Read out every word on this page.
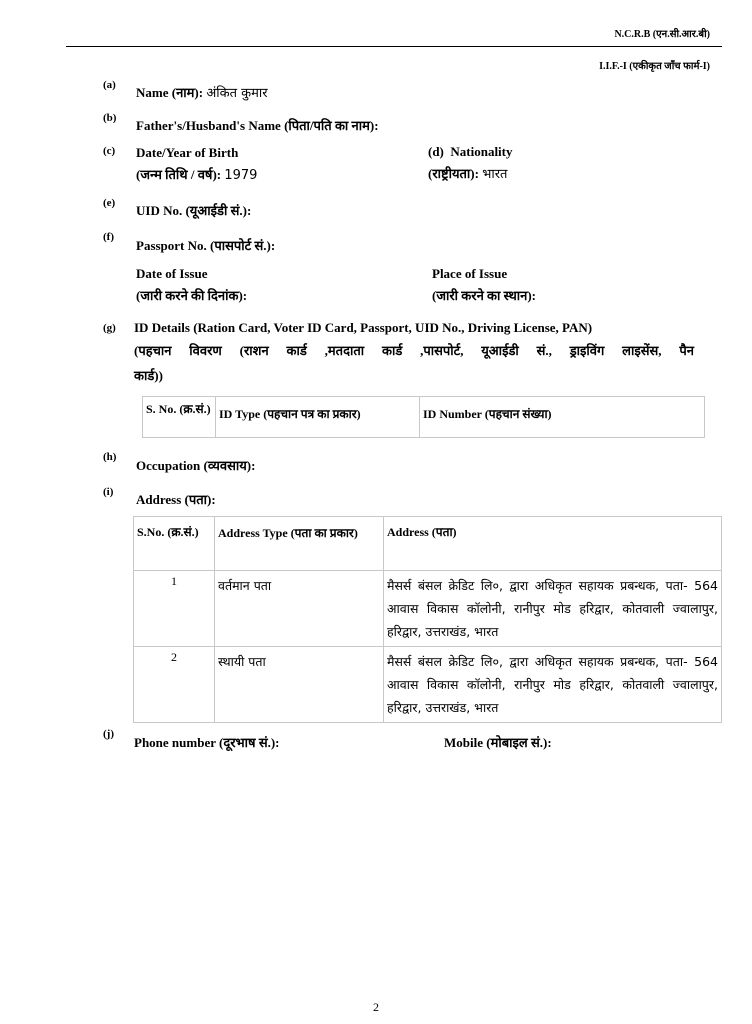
N.C.R.B (एन.सी.आर.बी)
I.I.F.-I (एकीकृत जाँच फार्म-I)
(a) Name (नाम): अंकित कुमार
(b) Father's/Husband's Name (पिता/पति का नाम):
(c) Date/Year of Birth
(जन्म तिथि / वर्ष): 1979
(d) Nationality
(राष्ट्रीयता): भारत
(e) UID No. (यूआईडी सं.):
(f)
Passport No. (पासपोर्ट सं.):
Date of Issue
(जारी करने की दिनांक):
Place of Issue
(जारी करने का स्थान):
(g) ID Details (Ration Card, Voter ID Card, Passport, UID No., Driving License, PAN)
(पहचान विवरण (राशन कार्ड ,मतदाता कार्ड ,पासपोर्ट, यूआईडी सं., ड्राइविंग लाइसेंस, पैन
कार्ड))
S. No. (क्र.सं.)	ID Type (पहचान पत्र का प्रकार)	ID Number (पहचान संख्या)
(h)
Occupation (व्यवसाय):
(i) Address (पता):
S.No. (क्र.सं.)	Address Type (पता का प्रकार)	Address (पता)
1	वर्तमान पता	मैसर्स बंसल क्रेडिट लि०, द्वारा अधिकृत सहायक प्रबन्धक, पता- 564 आवास विकास कॉलोनी, रानीपुर मोड हरिद्वार, कोतवाली ज्वालापुर, हरिद्वार, उत्तराखंड, भारत
2	स्थायी पता	मैसर्स बंसल क्रेडिट लि०, द्वारा अधिकृत सहायक प्रबन्धक, पता- 564 आवास विकास कॉलोनी, रानीपुर मोड हरिद्वार, कोतवाली ज्वालापुर, हरिद्वार, उत्तराखंड, भारत
(j)
Phone number (दूरभाष सं.):	Mobile (मोबाइल सं.):
2
